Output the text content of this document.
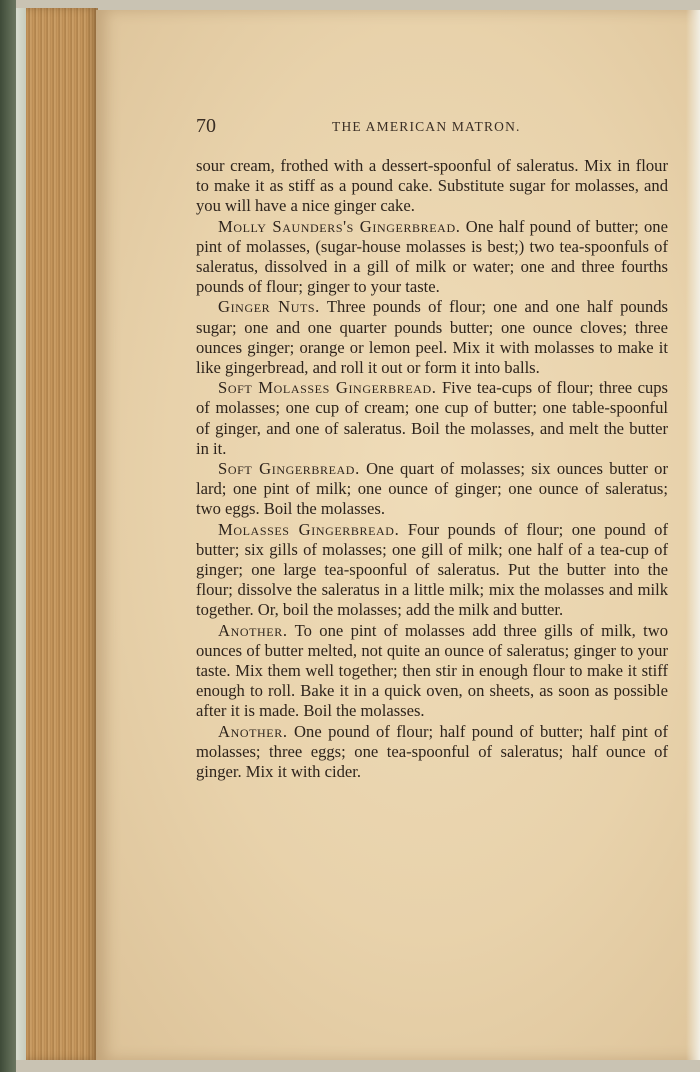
70	THE AMERICAN MATRON.

sour cream, frothed with a dessert-spoonful of saleratus. Mix in flour to make it as stiff as a pound cake. Substitute sugar for molasses, and you will have a nice ginger cake.

Molly Saunders's Gingerbread. One half pound of butter; one pint of molasses, (sugar-house molasses is best;) two tea-spoonfuls of saleratus, dissolved in a gill of milk or water; one and three fourths pounds of flour; ginger to your taste.

Ginger Nuts. Three pounds of flour; one and one half pounds sugar; one and one quarter pounds butter; one ounce cloves; three ounces ginger; orange or lemon peel. Mix it with molasses to make it like gingerbread, and roll it out or form it into balls.

Soft Molasses Gingerbread. Five tea-cups of flour; three cups of molasses; one cup of cream; one cup of butter; one table-spoonful of ginger, and one of saleratus. Boil the molasses, and melt the butter in it.

Soft Gingerbread. One quart of molasses; six ounces butter or lard; one pint of milk; one ounce of ginger; one ounce of saleratus; two eggs. Boil the molasses.

Molasses Gingerbread. Four pounds of flour; one pound of butter; six gills of molasses; one gill of milk; one half of a tea-cup of ginger; one large tea-spoonful of saleratus. Put the butter into the flour; dissolve the saleratus in a little milk; mix the molasses and milk together. Or, boil the molasses; add the milk and butter.

Another. To one pint of molasses add three gills of milk, two ounces of butter melted, not quite an ounce of saleratus; ginger to your taste. Mix them well together; then stir in enough flour to make it stiff enough to roll. Bake it in a quick oven, on sheets, as soon as possible after it is made. Boil the molasses.

Another. One pound of flour; half pound of butter; half pint of molasses; three eggs; one tea-spoonful of saleratus; half ounce of ginger. Mix it with cider.
